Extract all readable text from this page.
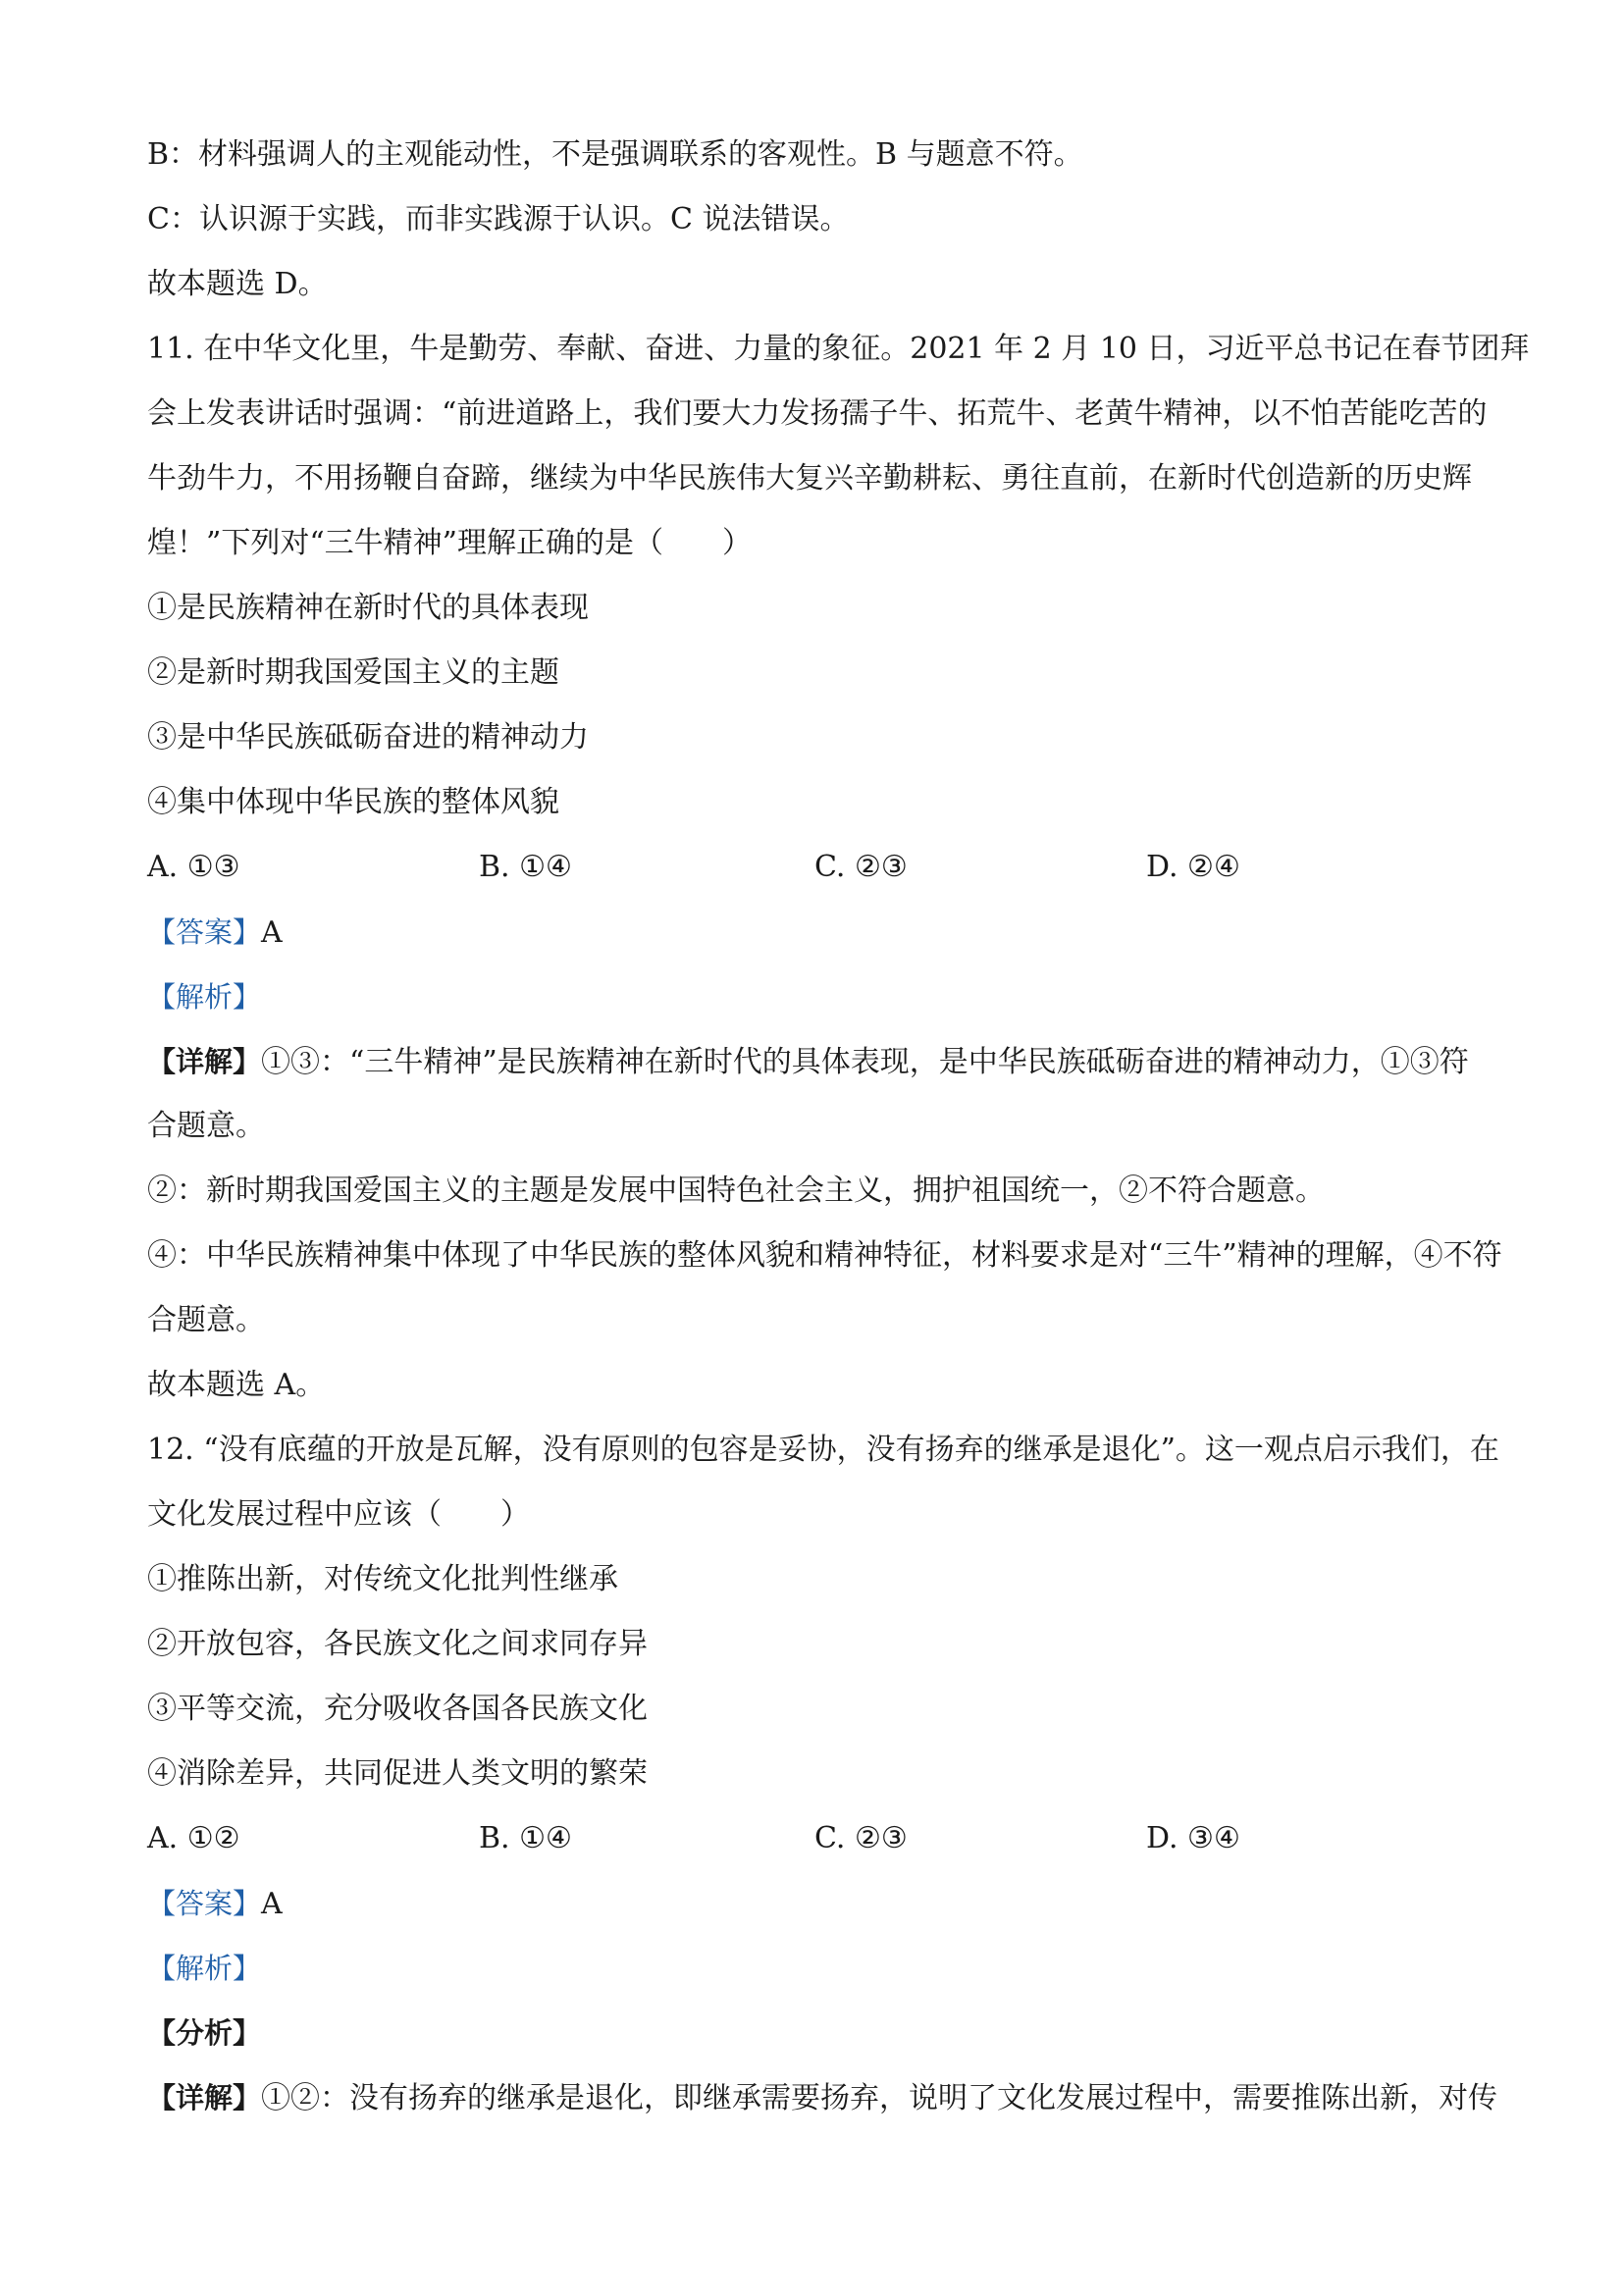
B：材料强调人的主观能动性，不是强调联系的客观性。B 与题意不符。
C：认识源于实践，而非实践源于认识。C 说法错误。
故本题选 D。
11. 在中华文化里，牛是勤劳、奉献、奋进、力量的象征。2021 年 2 月 10 日，习近平总书记在春节团拜
会上发表讲话时强调：“前进道路上，我们要大力发扬孺子牛、拓荒牛、老黄牛精神，以不怕苦能吃苦的
牛劲牛力，不用扬鞭自奋蹄，继续为中华民族伟大复兴辛勤耕耘、勇往直前，在新时代创造新的历史辉
煌！”下列对“三牛精神”理解正确的是（　　）
①是民族精神在新时代的具体表现
②是新时期我国爱国主义的主题
③是中华民族砥砺奋进的精神动力
④集中体现中华民族的整体风貌
A. ①③	B. ①④	C. ②③	D. ②④
【答案】A
【解析】
【详解】①③：“三牛精神”是民族精神在新时代的具体表现，是中华民族砥砺奋进的精神动力，①③符
合题意。
②：新时期我国爱国主义的主题是发展中国特色社会主义，拥护祖国统一，②不符合题意。
④：中华民族精神集中体现了中华民族的整体风貌和精神特征，材料要求是对“三牛”精神的理解，④不符
合题意。
故本题选 A。
12. “没有底蕴的开放是瓦解，没有原则的包容是妥协，没有扬弃的继承是退化”。这一观点启示我们，在
文化发展过程中应该（　　）
①推陈出新，对传统文化批判性继承
②开放包容，各民族文化之间求同存异
③平等交流，充分吸收各国各民族文化
④消除差异，共同促进人类文明的繁荣
A. ①②	B. ①④	C. ②③	D. ③④
【答案】A
【解析】
【分析】
【详解】①②：没有扬弃的继承是退化，即继承需要扬弃，说明了文化发展过程中，需要推陈出新，对传
